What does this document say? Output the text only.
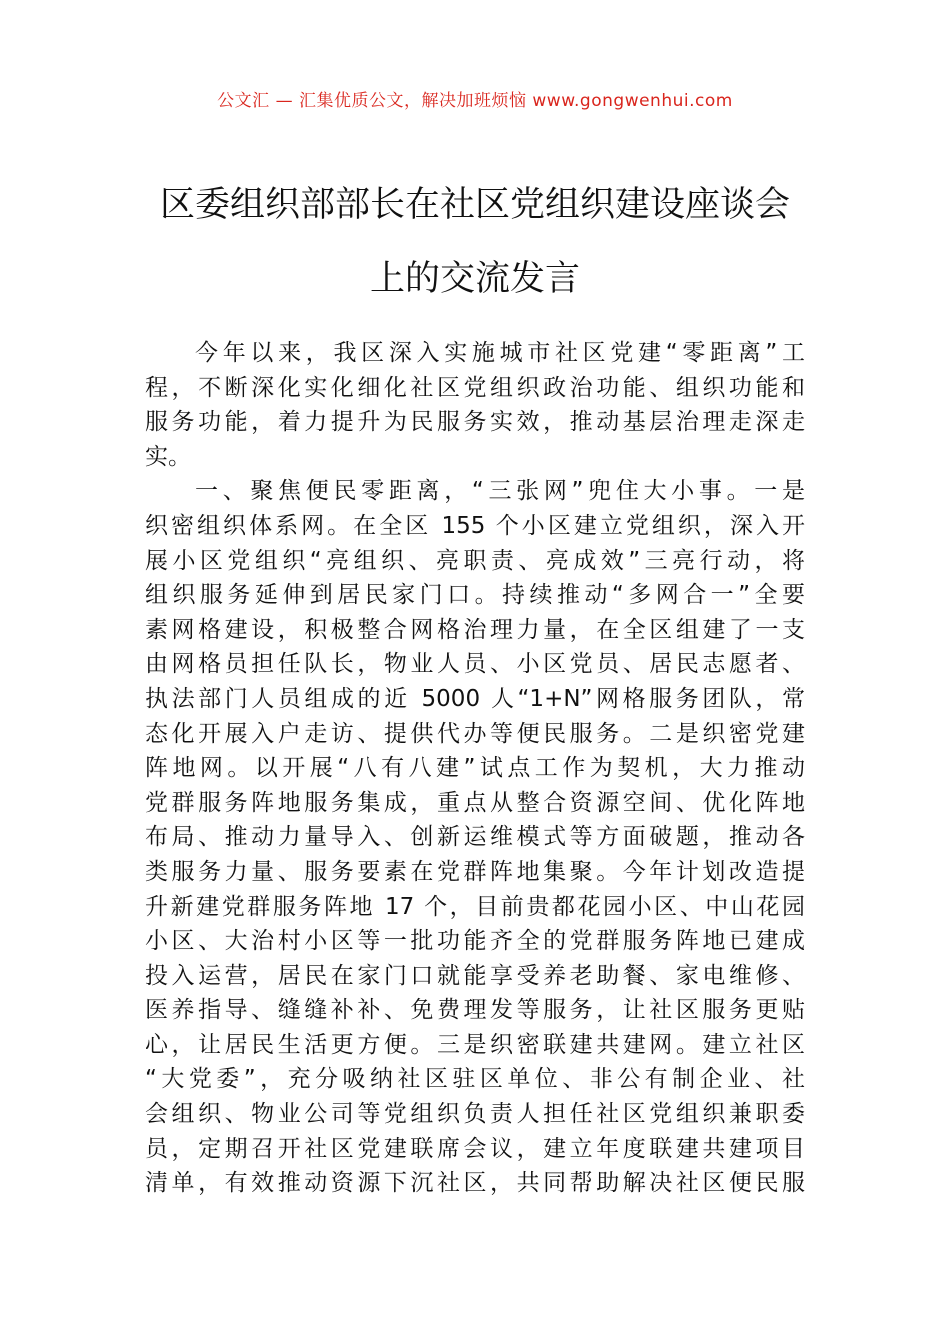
公文汇 — 汇集优质公文，解决加班烦恼 www.gongwenhui.com
区委组织部部长在社区党组织建设座谈会
上的交流发言
今年以来，我区深入实施城市社区党建“零距离”工
程，不断深化实化细化社区党组织政治功能、组织功能和
服务功能，着力提升为民服务实效，推动基层治理走深走
实。
一、聚焦便民零距离，“三张网”兜住大小事。一是
织密组织体系网。在全区 155 个小区建立党组织，深入开
展小区党组织“亮组织、亮职责、亮成效”三亮行动，将
组织服务延伸到居民家门口。持续推动“多网合一”全要
素网格建设，积极整合网格治理力量，在全区组建了一支
由网格员担任队长，物业人员、小区党员、居民志愿者、
执法部门人员组成的近 5000 人“1+N”网格服务团队，常
态化开展入户走访、提供代办等便民服务。二是织密党建
阵地网。以开展“八有八建”试点工作为契机，大力推动
党群服务阵地服务集成，重点从整合资源空间、优化阵地
布局、推动力量导入、创新运维模式等方面破题，推动各
类服务力量、服务要素在党群阵地集聚。今年计划改造提
升新建党群服务阵地 17 个，目前贵都花园小区、中山花园
小区、大治村小区等一批功能齐全的党群服务阵地已建成
投入运营，居民在家门口就能享受养老助餐、家电维修、
医养指导、缝缝补补、免费理发等服务，让社区服务更贴
心，让居民生活更方便。三是织密联建共建网。建立社区
“大党委”，充分吸纳社区驻区单位、非公有制企业、社
会组织、物业公司等党组织负责人担任社区党组织兼职委
员，定期召开社区党建联席会议，建立年度联建共建项目
清单，有效推动资源下沉社区，共同帮助解决社区便民服
